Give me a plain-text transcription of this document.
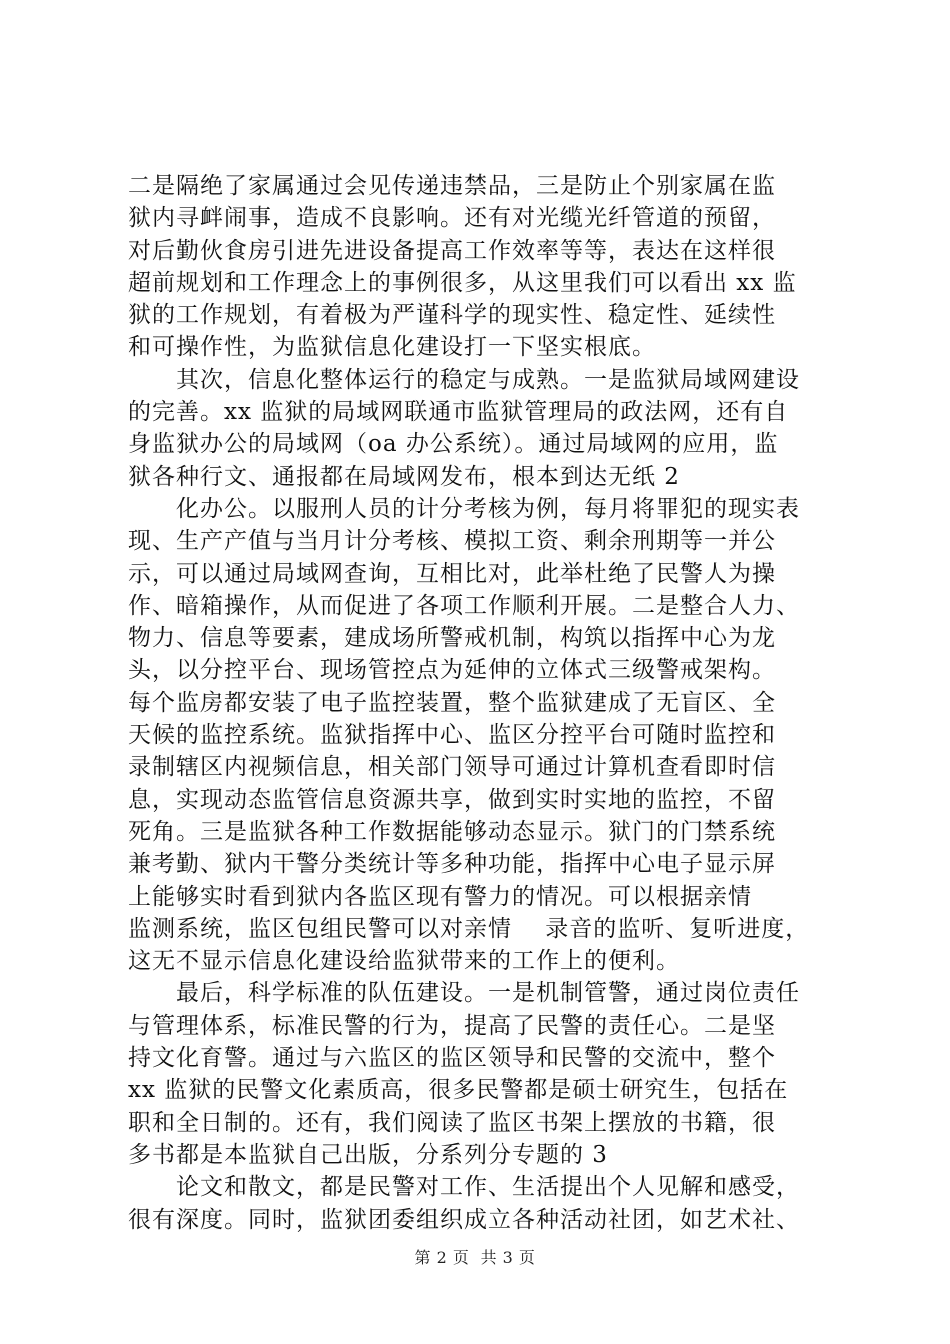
二是隔绝了家属通过会见传递违禁品，三是防止个别家属在监
狱内寻衅闹事，造成不良影响。还有对光缆光纤管道的预留，
对后勤伙食房引进先进设备提高工作效率等等，表达在这样很
超前规划和工作理念上的事例很多，从这里我们可以看出 xx 监
狱的工作规划，有着极为严谨科学的现实性、稳定性、延续性
和可操作性，为监狱信息化建设打一下坚实根底。
其次，信息化整体运行的稳定与成熟。一是监狱局域网建设
的完善。xx 监狱的局域网联通市监狱管理局的政法网，还有自
身监狱办公的局域网（oa 办公系统）。通过局域网的应用，监
狱各种行文、通报都在局域网发布，根本到达无纸 2
化办公。以服刑人员的计分考核为例，每月将罪犯的现实表
现、生产产值与当月计分考核、模拟工资、剩余刑期等一并公
示，可以通过局域网查询，互相比对，此举杜绝了民警人为操
作、暗箱操作，从而促进了各项工作顺利开展。二是整合人力、
物力、信息等要素，建成场所警戒机制，构筑以指挥中心为龙
头，以分控平台、现场管控点为延伸的立体式三级警戒架构。
每个监房都安装了电子监控装置，整个监狱建成了无盲区、全
天候的监控系统。监狱指挥中心、监区分控平台可随时监控和
录制辖区内视频信息，相关部门领导可通过计算机查看即时信
息，实现动态监管信息资源共享，做到实时实地的监控，不留
死角。三是监狱各种工作数据能够动态显示。狱门的门禁系统
兼考勤、狱内干警分类统计等多种功能，指挥中心电子显示屏
上能够实时看到狱内各监区现有警力的情况。可以根据亲情
监测系统，监区包组民警可以对亲情    录音的监听、复听进度，
这无不显示信息化建设给监狱带来的工作上的便利。
最后，科学标准的队伍建设。一是机制管警，通过岗位责任
与管理体系，标准民警的行为，提高了民警的责任心。二是坚
持文化育警。通过与六监区的监区领导和民警的交流中，整个
xx 监狱的民警文化素质高，很多民警都是硕士研究生，包括在
职和全日制的。还有，我们阅读了监区书架上摆放的书籍，很
多书都是本监狱自己出版，分系列分专题的 3
论文和散文，都是民警对工作、生活提出个人见解和感受，
很有深度。同时，监狱团委组织成立各种活动社团，如艺术社、
第 2 页  共 3 页
